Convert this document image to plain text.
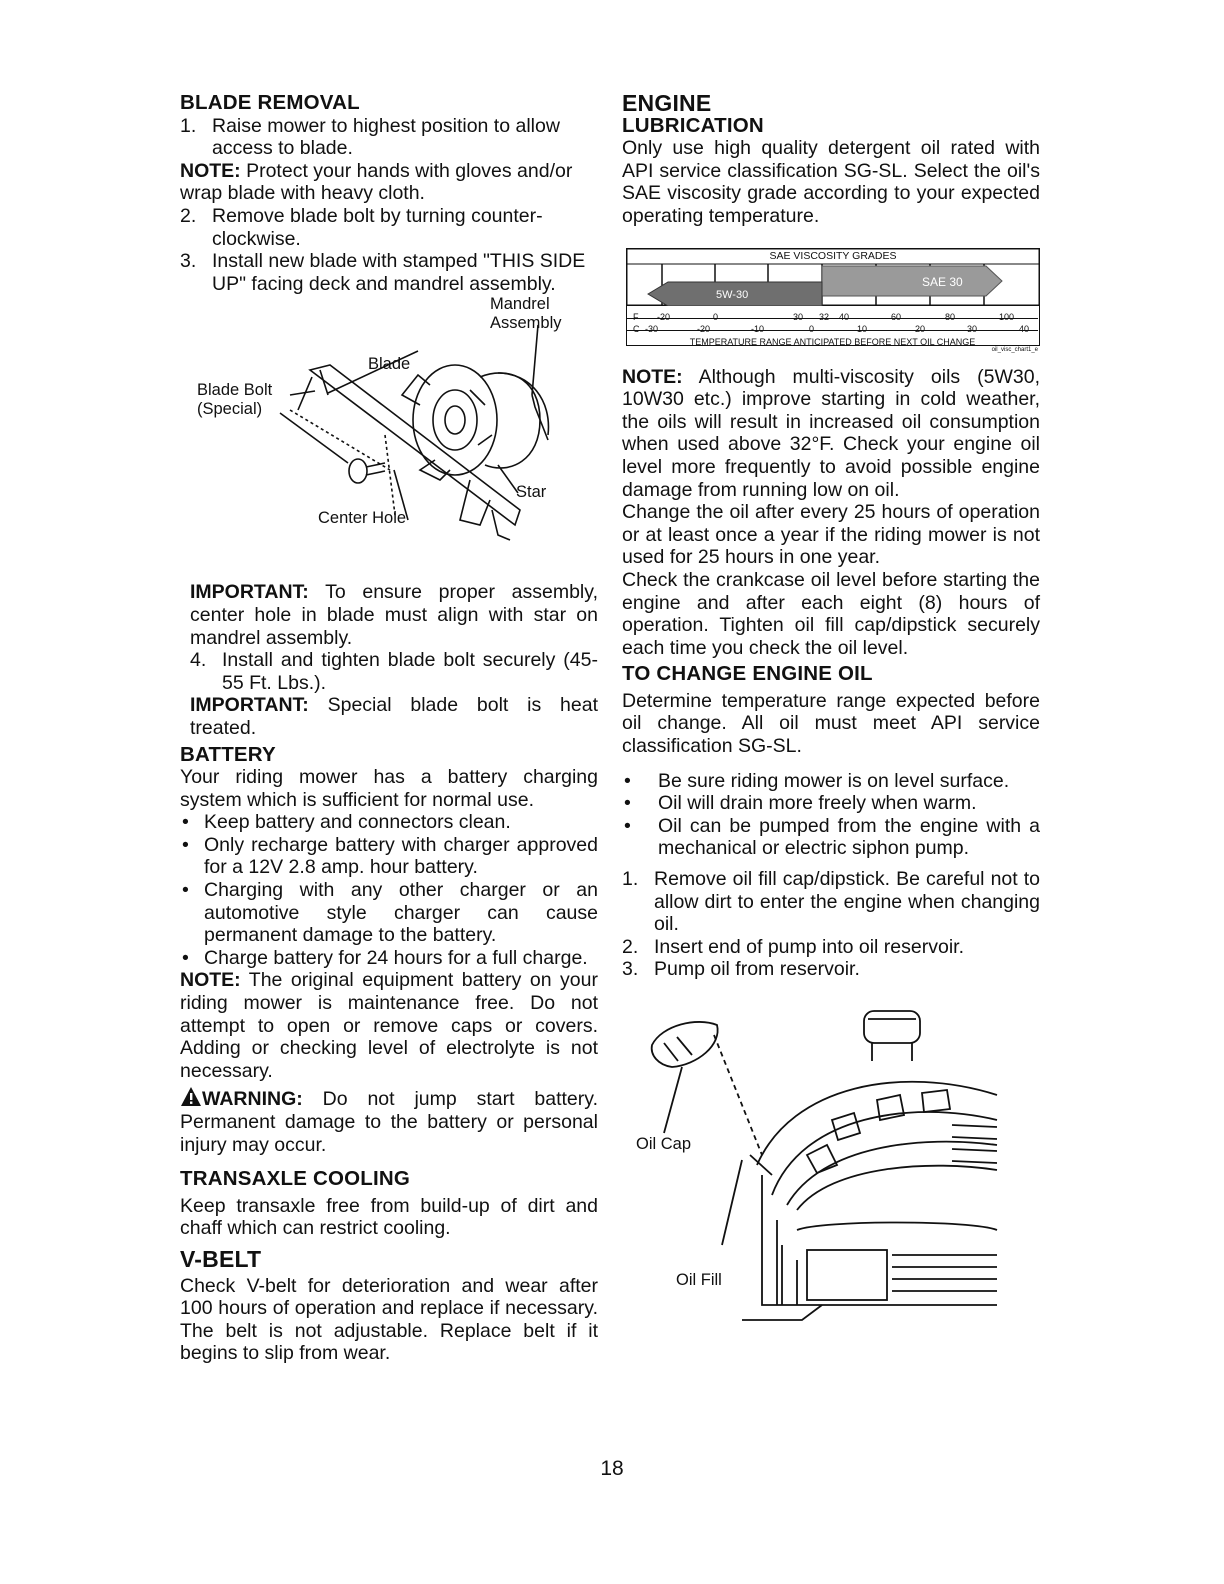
BLADE REMOVAL

1. Raise mower to highest position to allow access to blade.

NOTE: Protect your hands with gloves and/or wrap blade with heavy cloth.

2. Remove blade bolt by turning counter-clockwise.
3. Install new blade with stamped "THIS SIDE UP" facing deck and mandrel assembly.
Mandrel Assembly
Blade
Blade Bolt (Special)
Star
Center Hole

IMPORTANT: To ensure proper assembly, center hole in blade must align with star on mandrel assembly.

4. Install and tighten blade bolt securely (45-55 Ft. Lbs.).

IMPORTANT: Special blade bolt is heat treated.

BATTERY

Your riding mower has a battery charging system which is sufficient for normal use.

• Keep battery and connectors clean.
• Only recharge battery with charger approved for a 12V 2.8 amp. hour battery.
• Charging with any other charger or an automotive style charger can cause permanent damage to the battery.
• Charge battery for 24 hours for a full charge.

NOTE: The original equipment battery on your riding mower is maintenance free. Do not attempt to open or remove caps or covers. Adding or checking level of electrolyte is not necessary.

WARNING: Do not jump start battery. Permanent damage to the battery or personal injury may occur.

TRANSAXLE COOLING

Keep transaxle free from build-up of dirt and chaff which can restrict cooling.

V-BELT

Check V-belt for deterioration and wear after 100 hours of operation and replace if necessary. The belt is not adjustable. Replace belt if it begins to slip from wear.

ENGINE

LUBRICATION

Only use high quality detergent oil rated with API service classification SG-SL. Select the oil's SAE viscosity grade according to your expected operating temperature.

SAE 30
5W-30
SAE VISCOSITY GRADES
F -20	0	30 32 40	60	80	100
C -30	-20	-10	0	10	20	30	40
TEMPERATURE RANGE ANTICIPATED BEFORE NEXT OIL CHANGE
oil_visc_chart1_e

NOTE: Although multi-viscosity oils (5W30, 10W30 etc.) improve starting in cold weather, the oils will result in increased oil consumption when used above 32°F. Check your engine oil level more frequently to avoid possible engine damage from running low on oil.

Change the oil after every 25 hours of operation or at least once a year if the riding mower is not used for 25 hours in one year.

Check the crankcase oil level before starting the engine and after each eight (8) hours of operation. Tighten oil fill cap/dipstick securely each time you check the oil level.

TO CHANGE ENGINE OIL

Determine temperature range expected before oil change. All oil must meet API service classification SG-SL.

•	Be sure riding mower is on level surface.
•	Oil will drain more freely when warm.
•	Oil can be pumped from the engine with a mechanical or electric siphon pump.
1. Remove oil fill cap/dipstick. Be careful not to allow dirt to enter the engine when changing oil.
2. Insert end of pump into oil reservoir.
3. Pump oil from reservoir.
Oil Cap
Oil Fill
18
